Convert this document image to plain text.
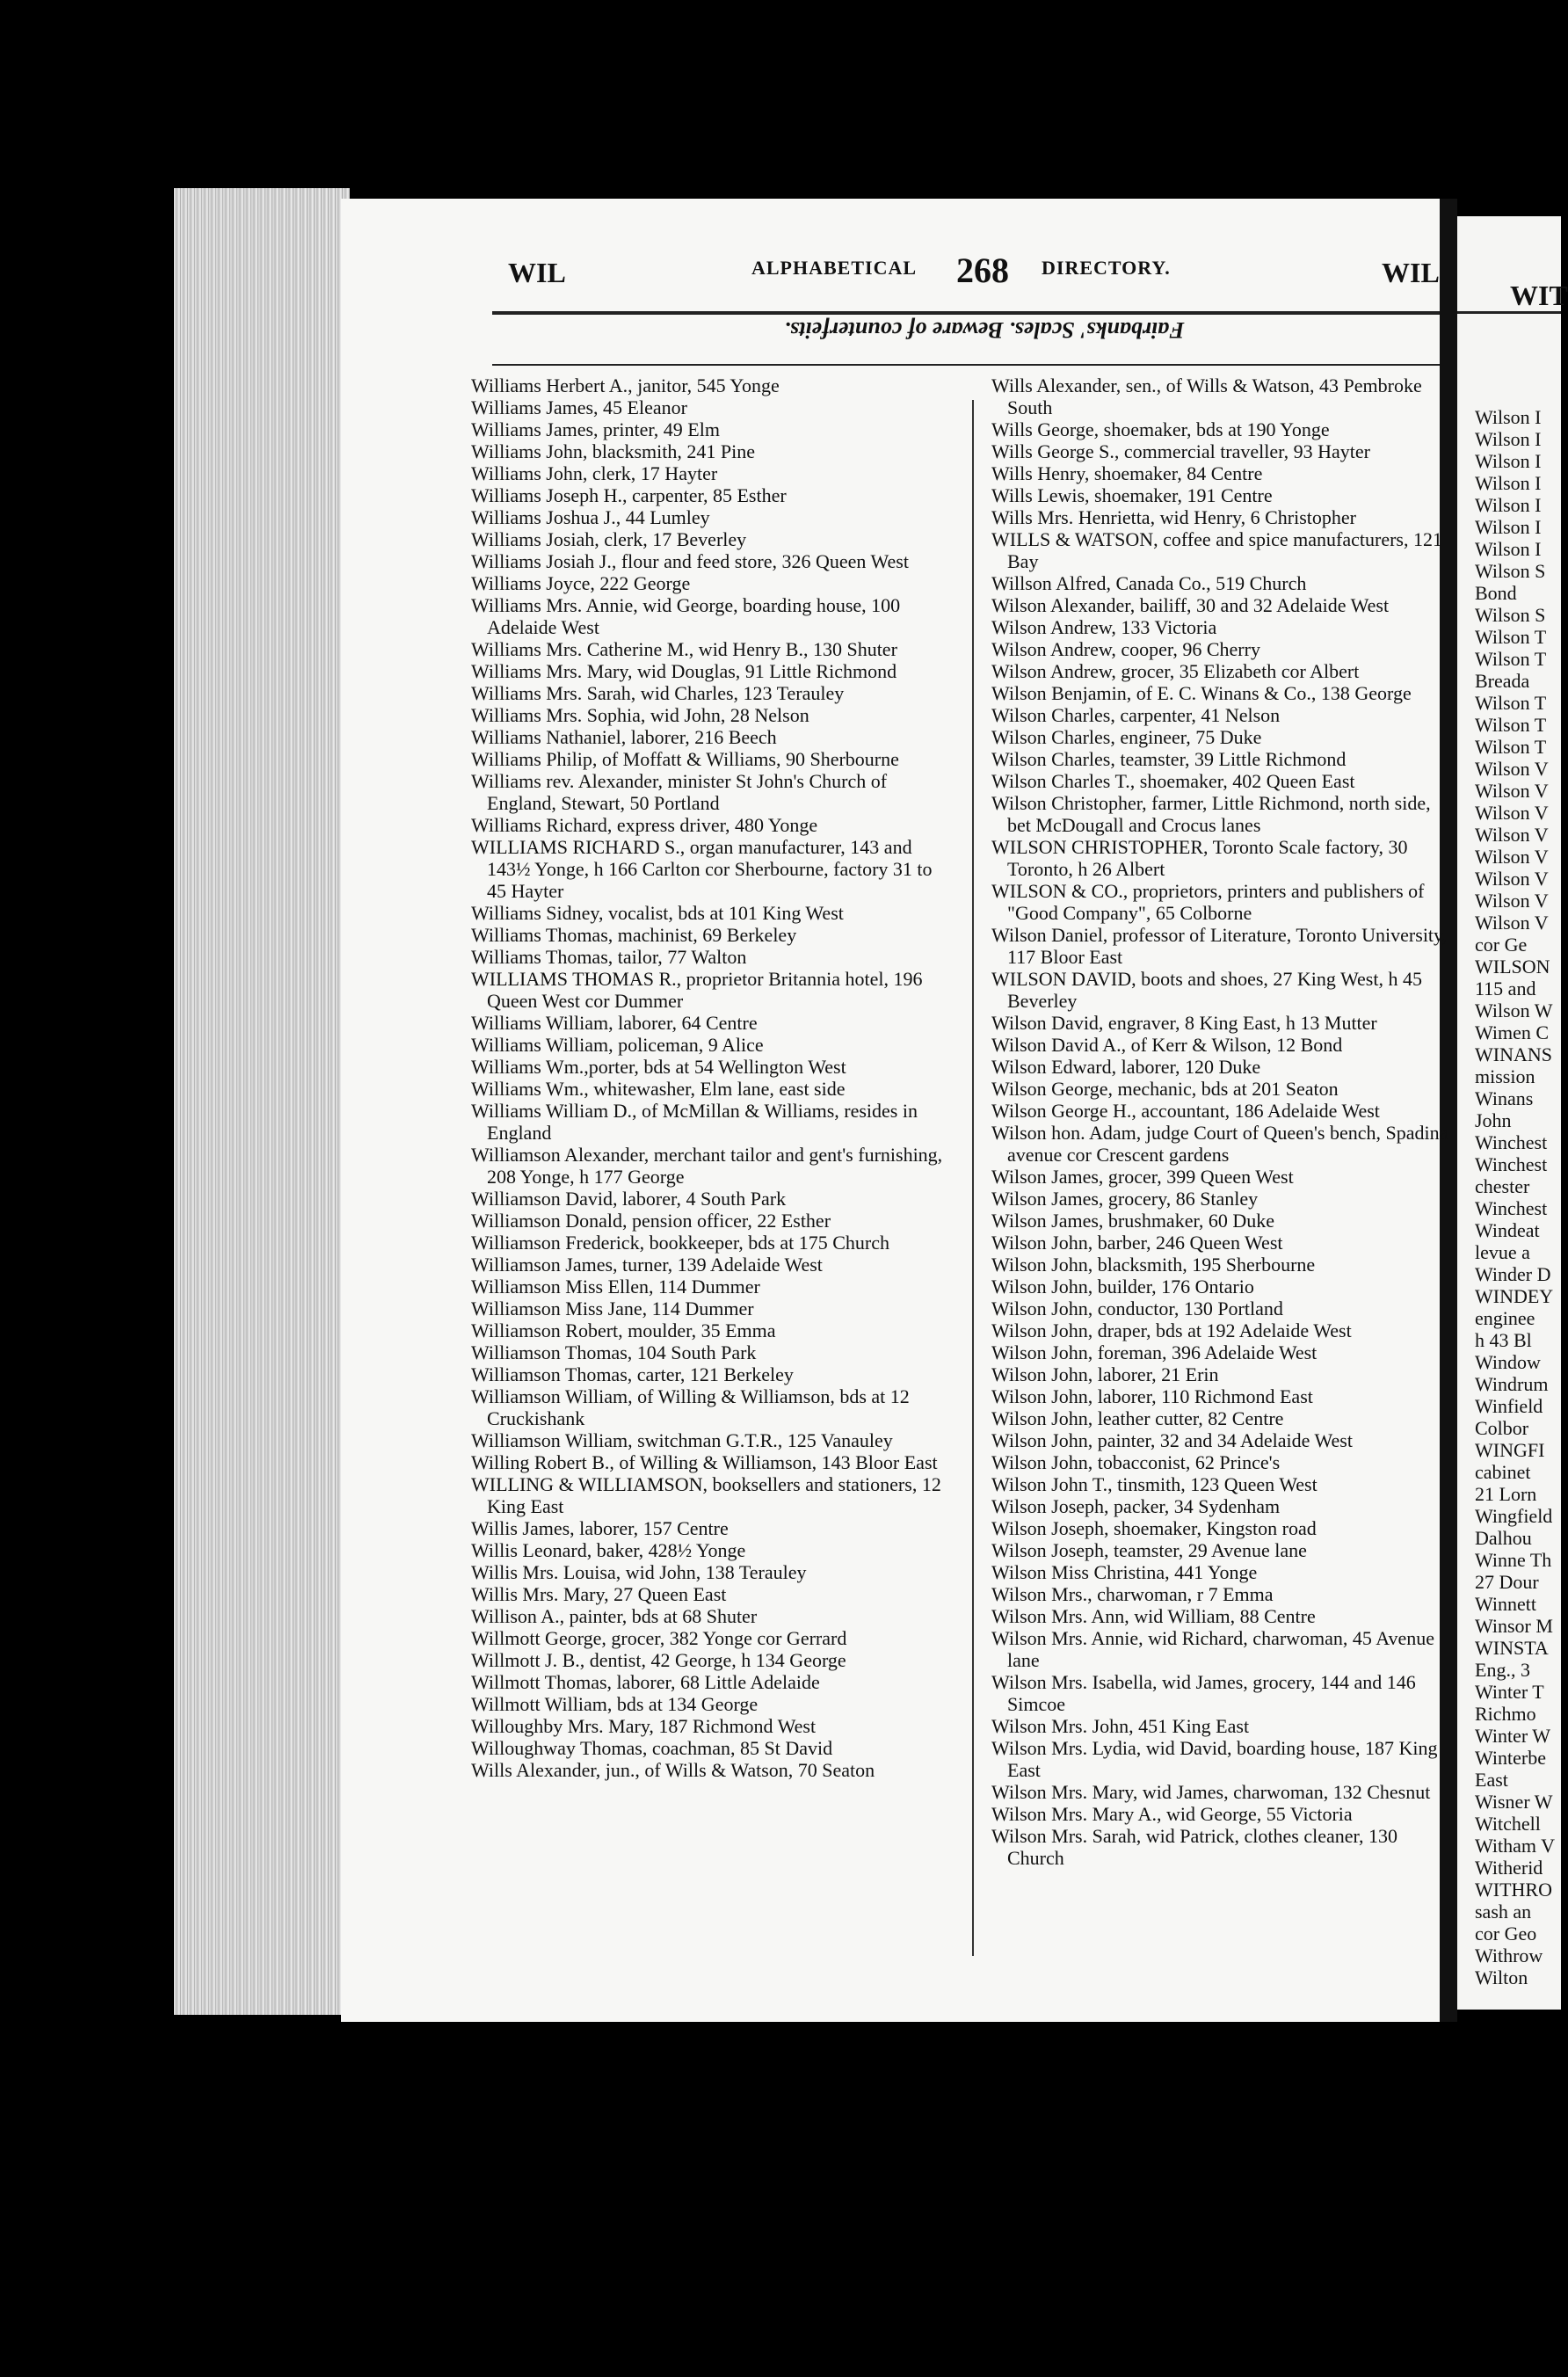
WIL	ALPHABETICAL 268 DIRECTORY.	WIL
Fairbanks' Scales. Beware of counterfeits.
Williams Herbert A., janitor, 545 Yonge
Williams James, 45 Eleanor
Williams James, printer, 49 Elm
Williams John, blacksmith, 241 Pine
Williams John, clerk, 17 Hayter
Williams Joseph H., carpenter, 85 Esther
Williams Joshua J., 44 Lumley
Williams Josiah, clerk, 17 Beverley
Williams Josiah J., flour and feed store, 326 Queen West
Williams Joyce, 222 George
Williams Mrs. Annie, wid George, boarding house, 100 Adelaide West
Williams Mrs. Catherine M., wid Henry B., 130 Shuter
Williams Mrs. Mary, wid Douglas, 91 Little Richmond
Williams Mrs. Sarah, wid Charles, 123 Terauley
Williams Mrs. Sophia, wid John, 28 Nelson
Williams Nathaniel, laborer, 216 Beech
Williams Philip, of Moffatt & Williams, 90 Sherbourne
Williams rev. Alexander, minister St John's Church of England, Stewart, 50 Portland
Williams Richard, express driver, 480 Yonge
WILLIAMS RICHARD S., organ manufacturer, 143 and 143½ Yonge, h 166 Carlton cor Sherbourne, factory 31 to 45 Hayter
Williams Sidney, vocalist, bds at 101 King West
Williams Thomas, machinist, 69 Berkeley
Williams Thomas, tailor, 77 Walton
WILLIAMS THOMAS R., proprietor Britannia hotel, 196 Queen West cor Dummer
Williams William, laborer, 64 Centre
Williams William, policeman, 9 Alice
Williams Wm.,porter, bds at 54 Wellington West
Williams Wm., whitewasher, Elm lane, east side
Williams William D., of McMillan & Williams, resides in England
Williamson Alexander, merchant tailor and gent's furnishing, 208 Yonge, h 177 George
Williamson David, laborer, 4 South Park
Williamson Donald, pension officer, 22 Esther
Williamson Frederick, bookkeeper, bds at 175 Church
Williamson James, turner, 139 Adelaide West
Williamson Miss Ellen, 114 Dummer
Williamson Miss Jane, 114 Dummer
Williamson Robert, moulder, 35 Emma
Williamson Thomas, 104 South Park
Williamson Thomas, carter, 121 Berkeley
Williamson William, of Willing & Williamson, bds at 12 Cruckishank
Williamson William, switchman G.T.R., 125 Vanauley
Willing Robert B., of Willing & Williamson, 143 Bloor East
WILLING & WILLIAMSON, booksellers and stationers, 12 King East
Willis James, laborer, 157 Centre
Willis Leonard, baker, 428½ Yonge
Willis Mrs. Louisa, wid John, 138 Terauley
Willis Mrs. Mary, 27 Queen East
Willison A., painter, bds at 68 Shuter
Willmott George, grocer, 382 Yonge cor Gerrard
Willmott J. B., dentist, 42 George, h 134 George
Willmott Thomas, laborer, 68 Little Adelaide
Willmott William, bds at 134 George
Willoughby Mrs. Mary, 187 Richmond West
Willoughway Thomas, coachman, 85 St David
Wills Alexander, jun., of Wills & Watson, 70 Seaton
Wills Alexander, sen., of Wills & Watson, 43 Pembroke South
Wills George, shoemaker, bds at 190 Yonge
Wills George S., commercial traveller, 93 Hayter
Wills Henry, shoemaker, 84 Centre
Wills Lewis, shoemaker, 191 Centre
Wills Mrs. Henrietta, wid Henry, 6 Christopher
WILLS & WATSON, coffee and spice manufacturers, 121 Bay
Willson Alfred, Canada Co., 519 Church
Wilson Alexander, bailiff, 30 and 32 Adelaide West
Wilson Andrew, 133 Victoria
Wilson Andrew, cooper, 96 Cherry
Wilson Andrew, grocer, 35 Elizabeth cor Albert
Wilson Benjamin, of E. C. Winans & Co., 138 George
Wilson Charles, carpenter, 41 Nelson
Wilson Charles, engineer, 75 Duke
Wilson Charles, teamster, 39 Little Richmond
Wilson Charles T., shoemaker, 402 Queen East
Wilson Christopher, farmer, Little Richmond, north side, bet McDougall and Crocus lanes
WILSON CHRISTOPHER, Toronto Scale factory, 30 Toronto, h 26 Albert
WILSON & CO., proprietors, printers and publishers of "Good Company", 65 Colborne
Wilson Daniel, professor of Literature, Toronto University, 117 Bloor East
WILSON DAVID, boots and shoes, 27 King West, h 45 Beverley
Wilson David, engraver, 8 King East, h 13 Mutter
Wilson David A., of Kerr & Wilson, 12 Bond
Wilson Edward, laborer, 120 Duke
Wilson George, mechanic, bds at 201 Seaton
Wilson George H., accountant, 186 Adelaide West
Wilson hon. Adam, judge Court of Queen's bench, Spadina avenue cor Crescent gardens
Wilson James, grocer, 399 Queen West
Wilson James, grocery, 86 Stanley
Wilson James, brushmaker, 60 Duke
Wilson John, barber, 246 Queen West
Wilson John, blacksmith, 195 Sherbourne
Wilson John, builder, 176 Ontario
Wilson John, conductor, 130 Portland
Wilson John, draper, bds at 192 Adelaide West
Wilson John, foreman, 396 Adelaide West
Wilson John, laborer, 21 Erin
Wilson John, laborer, 110 Richmond East
Wilson John, leather cutter, 82 Centre
Wilson John, painter, 32 and 34 Adelaide West
Wilson John, tobacconist, 62 Prince's
Wilson John T., tinsmith, 123 Queen West
Wilson Joseph, packer, 34 Sydenham
Wilson Joseph, shoemaker, Kingston road
Wilson Joseph, teamster, 29 Avenue lane
Wilson Miss Christina, 441 Yonge
Wilson Mrs., charwoman, r 7 Emma
Wilson Mrs. Ann, wid William, 88 Centre
Wilson Mrs. Annie, wid Richard, charwoman, 45 Avenue lane
Wilson Mrs. Isabella, wid James, grocery, 144 and 146 Simcoe
Wilson Mrs. John, 451 King East
Wilson Mrs. Lydia, wid David, boarding house, 187 King East
Wilson Mrs. Mary, wid James, charwoman, 132 Chesnut
Wilson Mrs. Mary A., wid George, 55 Victoria
Wilson Mrs. Sarah, wid Patrick, clothes cleaner, 130 Church
WIT
Wilson I
Wilson I
Wilson I
Wilson I
Wilson I
Wilson I
Wilson I
Wilson S
Bond
Wilson S
Wilson T
Wilson T
Breada
Wilson T
Wilson T
Wilson T
Wilson V
Wilson V
Wilson V
Wilson V
Wilson V
Wilson V
Wilson V
Wilson V
cor Ge
WILSON
115 and
Wilson W
Wimen C
WINANS
mission
Winans
John
Winchest
Winchest
chester
Winchest
Windeat
levue a
Winder D
WINDEY
enginee
h 43 Bl
Window
Windrum
Winfield
Colbor
WINGFI
cabinet
21 Lorn
Wingfield
Dalhou
Winne Th
27 Dour
Winnett
Winsor M
WINSTA
Eng., 3
Winter T
Richmo
Winter W
Winterbe
East
Wisner W
Witchell
Witham V
Witherid
WITHRO
sash an
cor Geo
Withrow
Wilton
